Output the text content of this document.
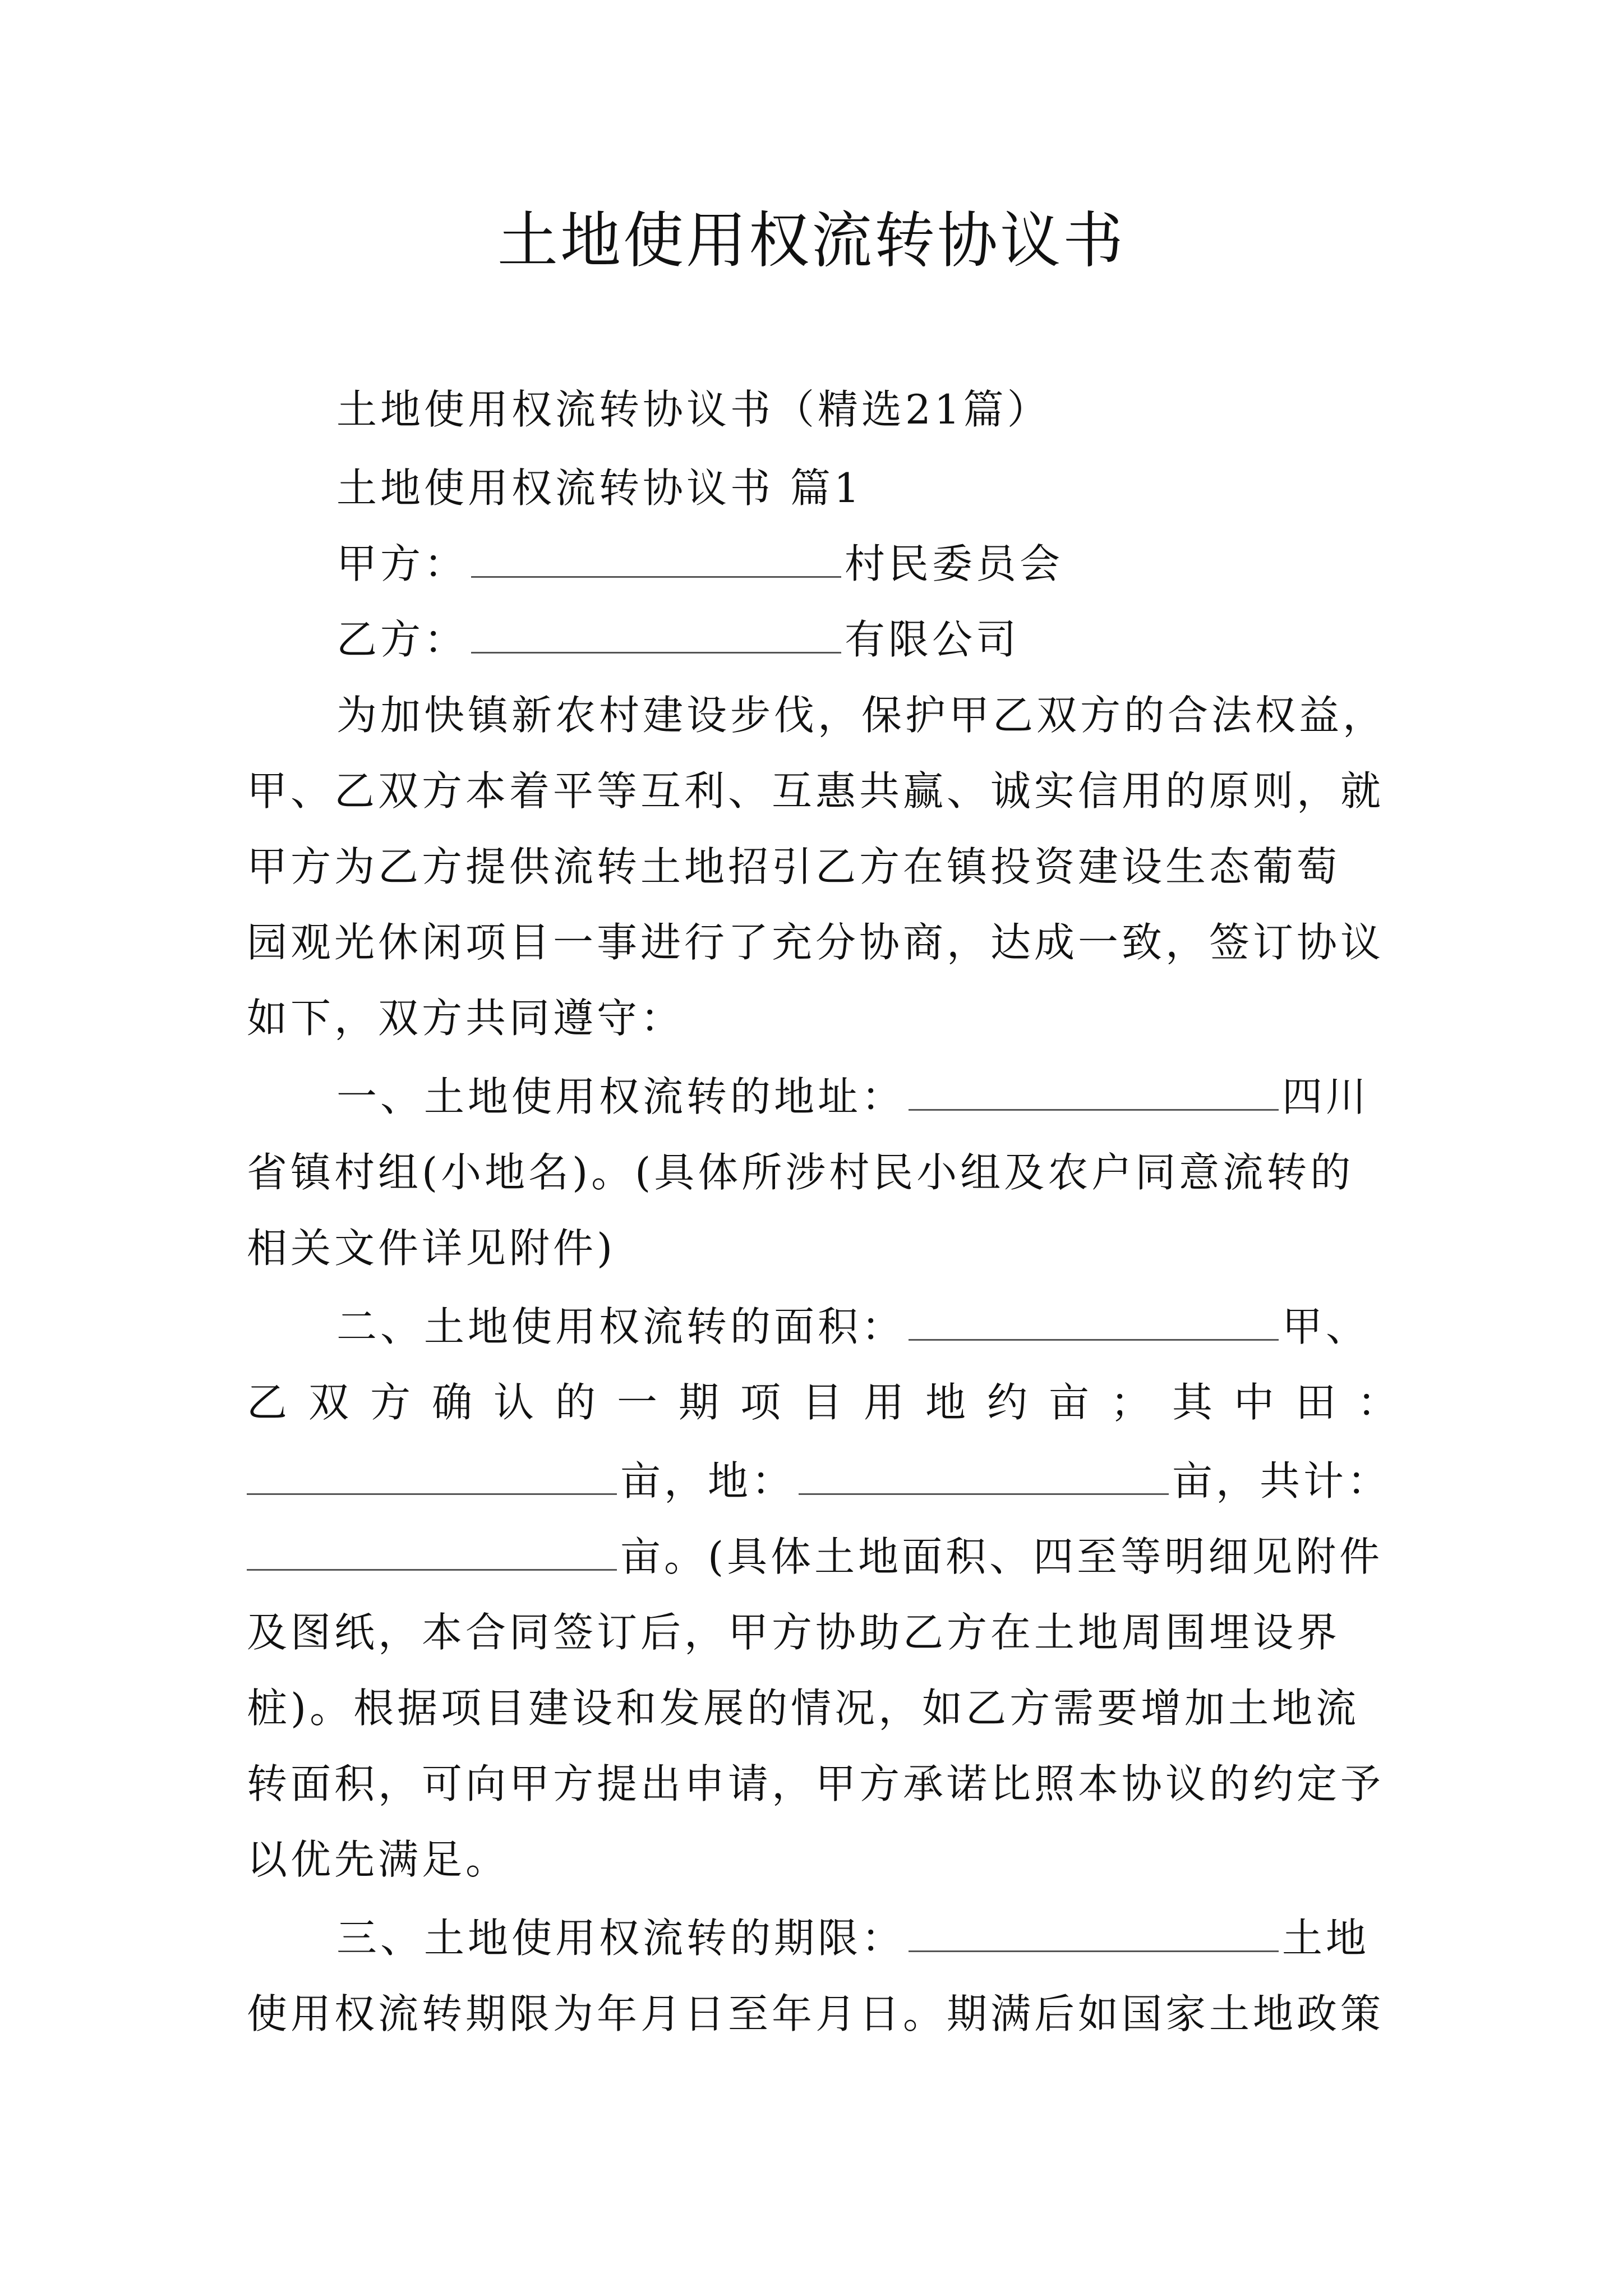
土地使用权流转协议书
土地使用权流转协议书（精选21篇）
土地使用权流转协议书 篇1
甲方：	村民委员会
乙方：	有限公司
为加快镇新农村建设步伐，保护甲乙双方的合法权益，
甲、乙双方本着平等互利、互惠共赢、诚实信用的原则，就
甲方为乙方提供流转土地招引乙方在镇投资建设生态葡萄
园观光休闲项目一事进行了充分协商，达成一致，签订协议
如下，双方共同遵守：
一、土地使用权流转的地址：	四川
省镇村组(小地名)。(具体所涉村民小组及农户同意流转的
相关文件详见附件)
二、土地使用权流转的面积：	甲、
乙双方确认的一期项目用地约亩；其中田：
亩，地：	亩，共计：
亩。(具体土地面积、四至等明细见附件
及图纸，本合同签订后，甲方协助乙方在土地周围埋设界
桩)。根据项目建设和发展的情况，如乙方需要增加土地流
转面积，可向甲方提出申请，甲方承诺比照本协议的约定予
以优先满足。
三、土地使用权流转的期限：	土地
使用权流转期限为年月日至年月日。期满后如国家土地政策
